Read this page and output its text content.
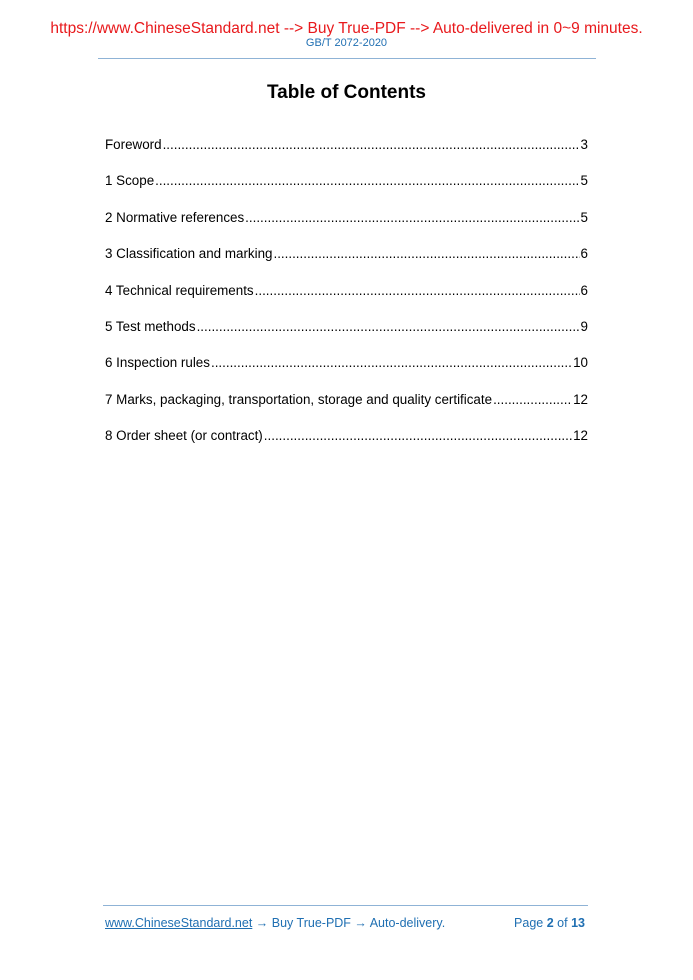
https://www.ChineseStandard.net --> Buy True-PDF --> Auto-delivered in 0~9 minutes.
GB/T 2072-2020
Table of Contents
Foreword .....	3
1 Scope .....	5
2 Normative references .....	5
3 Classification and marking .....	6
4 Technical requirements .....	6
5 Test methods .....	9
6 Inspection rules .....	10
7 Marks, packaging, transportation, storage and quality certificate .....	12
8 Order sheet (or contract) .....	12
www.ChineseStandard.net → Buy True-PDF → Auto-delivery.	Page 2 of 13
